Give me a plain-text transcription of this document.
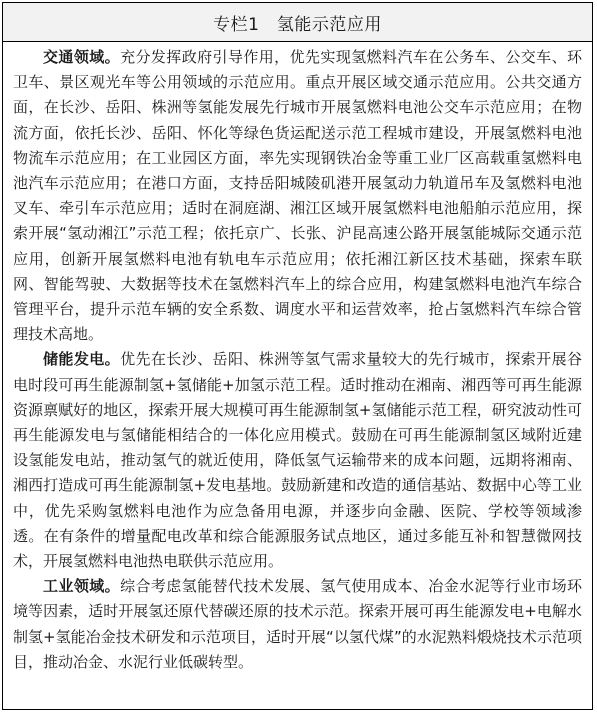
专栏1　氢能示范应用

交通领域。充分发挥政府引导作用，优先实现氢燃料汽车在公务车、公交车、环卫车、景区观光车等公用领域的示范应用。重点开展区域交通示范应用。公共交通方面，在长沙、岳阳、株洲等氢能发展先行城市开展氢燃料电池公交车示范应用；在物流方面，依托长沙、岳阳、怀化等绿色货运配送示范工程城市建设，开展氢燃料电池物流车示范应用；在工业园区方面，率先实现钢铁冶金等重工业厂区高载重氢燃料电池汽车示范应用；在港口方面，支持岳阳城陵矶港开展氢动力轨道吊车及氢燃料电池叉车、牵引车示范应用；适时在洞庭湖、湘江区域开展氢燃料电池船舶示范应用，探索开展“氢动湘江”示范工程；依托京广、长张、沪昆高速公路开展氢能城际交通示范应用，创新开展氢燃料电池有轨电车示范应用；依托湘江新区技术基础，探索车联网、智能驾驶、大数据等技术在氢燃料汽车上的综合应用，构建氢燃料电池汽车综合管理平台，提升示范车辆的安全系数、调度水平和运营效率，抢占氢燃料汽车综合管理技术高地。

储能发电。优先在长沙、岳阳、株洲等氢气需求量较大的先行城市，探索开展谷电时段可再生能源制氢+氢储能+加氢示范工程。适时推动在湘南、湘西等可再生能源资源禀赋好的地区，探索开展大规模可再生能源制氢+氢储能示范工程，研究波动性可再生能源发电与氢储能相结合的一体化应用模式。鼓励在可再生能源制氢区域附近建设氢能发电站，推动氢气的就近使用，降低氢气运输带来的成本问题，远期将湘南、湘西打造成可再生能源制氢+发电基地。鼓励新建和改造的通信基站、数据中心等工业中，优先采购氢燃料电池作为应急备用电源，并逐步向金融、医院、学校等领域渗透。在有条件的增量配电改革和综合能源服务试点地区，通过多能互补和智慧微网技术，开展氢燃料电池热电联供示范应用。

工业领域。综合考虑氢能替代技术发展、氢气使用成本、冶金水泥等行业市场环境等因素，适时开展氢还原代替碳还原的技术示范。探索开展可再生能源发电+电解水制氢+氢能冶金技术研发和示范项目，适时开展“以氢代煤”的水泥熟料煅烧技术示范项目，推动冶金、水泥行业低碳转型。
